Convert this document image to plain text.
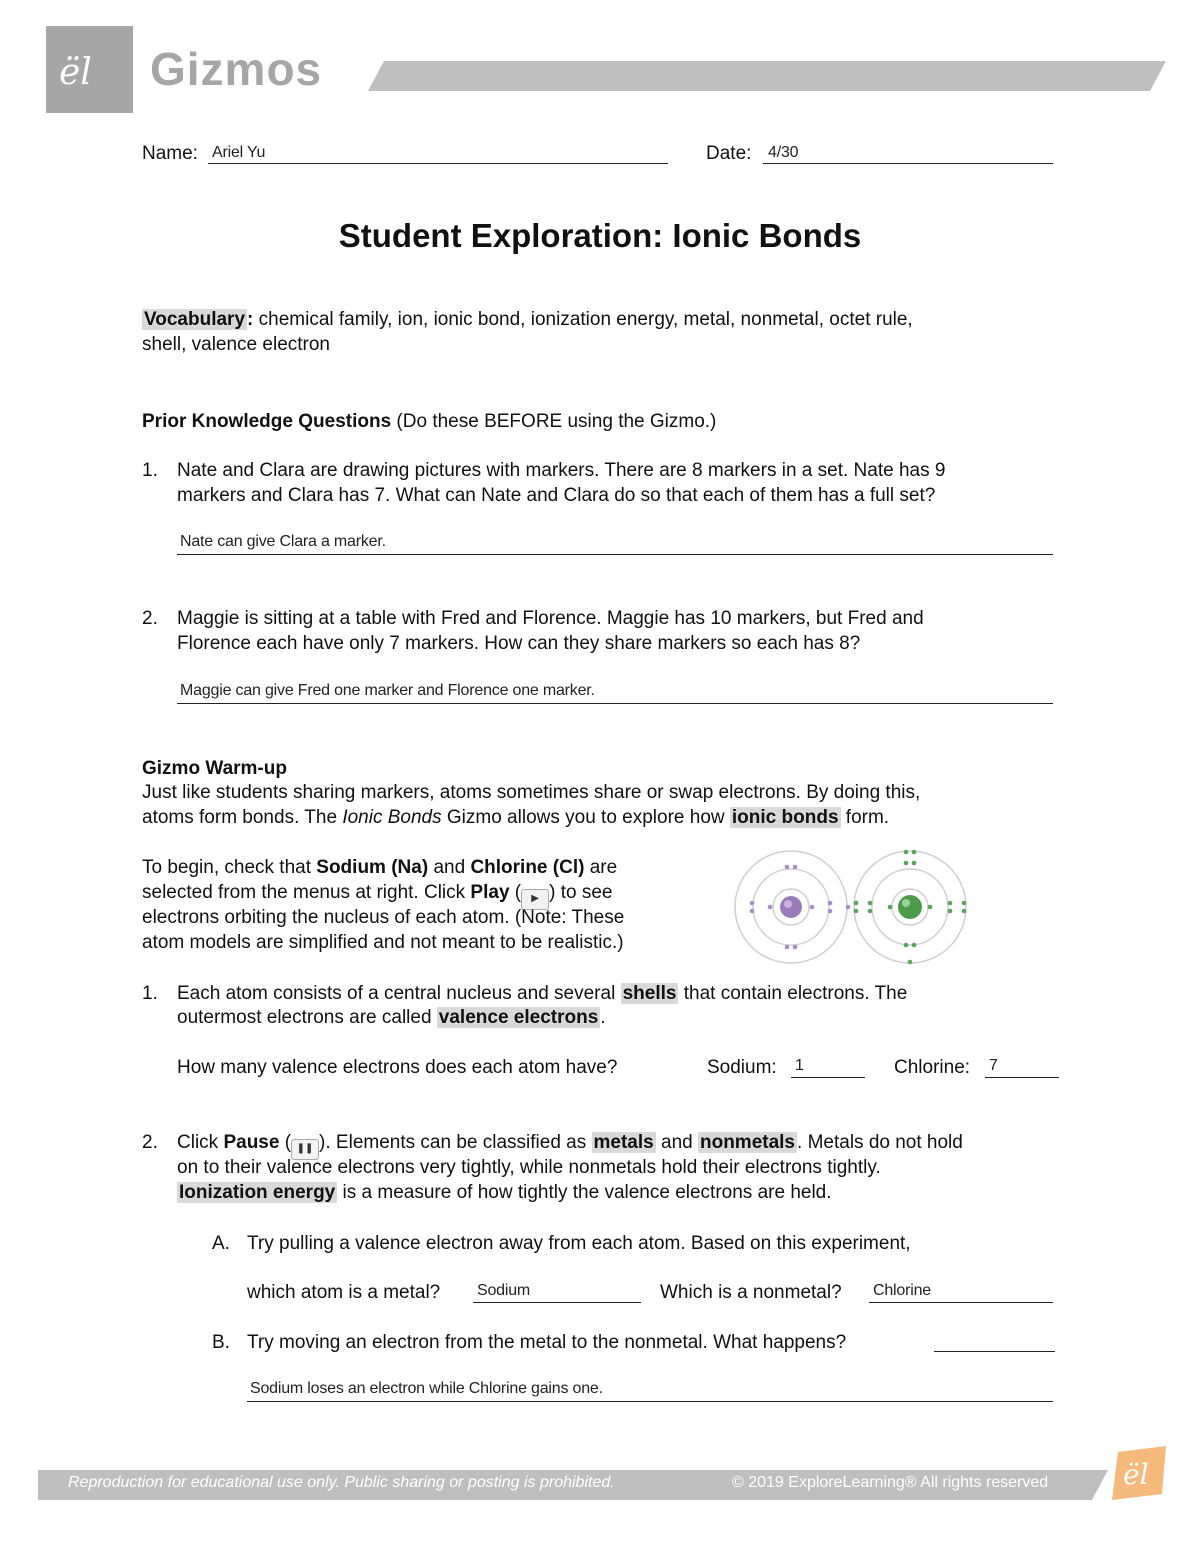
ël Gizmos
Name: Ariel Yu	Date: 4/30
Student Exploration: Ionic Bonds
Vocabulary : chemical family, ion, ionic bond, ionization energy, metal, nonmetal, octet rule,
shell, valence electron
Prior Knowledge Questions (Do these BEFORE using the Gizmo.)
1. Nate and Clara are drawing pictures with markers. There are 8 markers in a set. Nate has 9
markers and Clara has 7. What can Nate and Clara do so that each of them has a full set?
Nate can give Clara a marker.
2. Maggie is sitting at a table with Fred and Florence. Maggie has 10 markers, but Fred and
Florence each have only 7 markers. How can they share markers so each has 8?
Maggie can give Fred one marker and Florence one marker.
Gizmo Warm-up
Just like students sharing markers, atoms sometimes share or swap electrons. By doing this,
atoms form bonds. The Ionic Bonds Gizmo allows you to explore how ionic bonds form.
To begin, check that Sodium (Na) and Chlorine (Cl) are
selected from the menus at right. Click Play ( ▶ ) to see
electrons orbiting the nucleus of each atom. (Note: These
atom models are simplified and not meant to be realistic.)
1. Each atom consists of a central nucleus and several shells that contain electrons. The
outermost electrons are called valence electrons .
How many valence electrons does each atom have?	Sodium: 1	Chlorine: 7
2. Click Pause ( ❚❚ ). Elements can be classified as metals and nonmetals . Metals do not hold
on to their valence electrons very tightly, while nonmetals hold their electrons tightly.
Ionization energy is a measure of how tightly the valence electrons are held.
A. Try pulling a valence electron away from each atom. Based on this experiment,
which atom is a metal? Sodium	Which is a nonmetal? Chlorine
B. Try moving an electron from the metal to the nonmetal. What happens?
Sodium loses an electron while Chlorine gains one.
Reproduction for educational use only. Public sharing or posting is prohibited.	© 2019 ExploreLearning® All rights reserved	ël
